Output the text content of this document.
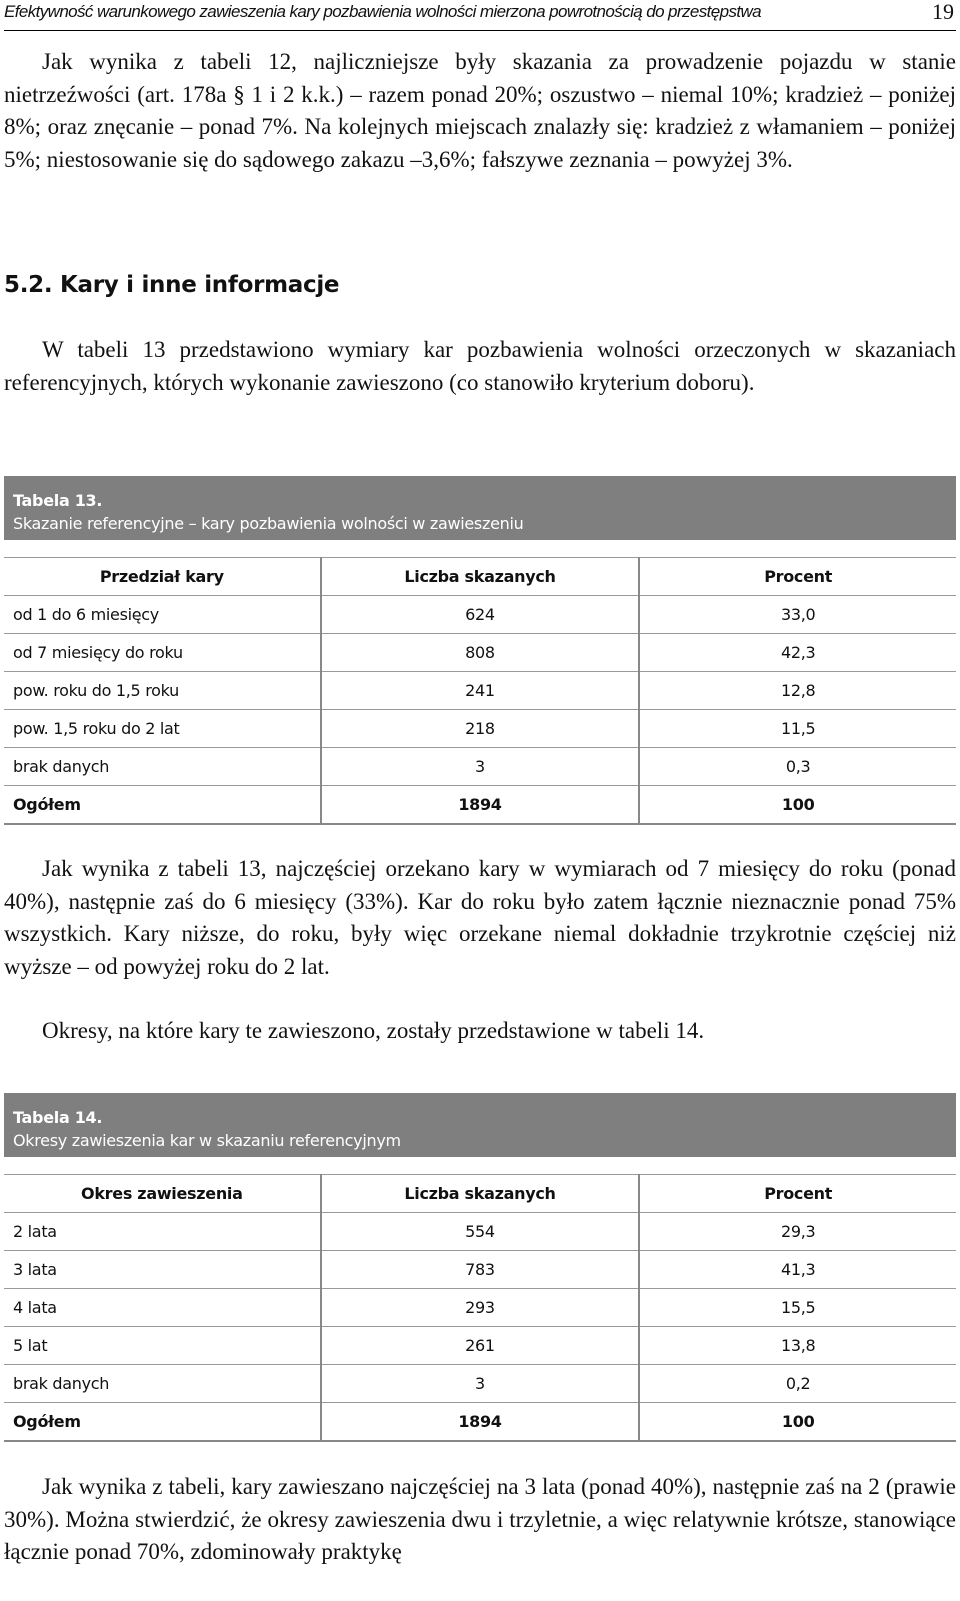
Efektywność warunkowego zawieszenia kary pozbawienia wolności mierzona powrotnością do przestępstwa	19

Jak wynika z tabeli 12, najliczniejsze były skazania za prowadzenie pojazdu w stanie nietrzeźwości (art. 178a § 1 i 2 k.k.) – razem ponad 20%; oszustwo – niemal 10%; kradzież – poniżej 8%; oraz znęcanie – ponad 7%. Na kolejnych miejscach znalazły się: kradzież z włamaniem – poniżej 5%; niestosowanie się do sądowego zakazu –3,6%; fałszywe zeznania – powyżej 3%.

5.2. Kary i inne informacje

W tabeli 13 przedstawiono wymiary kar pozbawienia wolności orzeczonych w skazaniach referencyjnych, których wykonanie zawieszono (co stanowiło kryterium doboru).

Tabela 13.
Skazanie referencyjne – kary pozbawienia wolności w zawieszeniu
Przedział kary	Liczba skazanych	Procent
od 1 do 6 miesięcy	624	33,0
od 7 miesięcy do roku	808	42,3
pow. roku do 1,5 roku	241	12,8
pow. 1,5 roku do 2 lat	218	11,5
brak danych	3	0,3
Ogółem	1894	100

Jak wynika z tabeli 13, najczęściej orzekano kary w wymiarach od 7 miesięcy do roku (ponad 40%), następnie zaś do 6 miesięcy (33%). Kar do roku było zatem łącznie nieznacznie ponad 75% wszystkich. Kary niższe, do roku, były więc orzekane niemal dokładnie trzykrotnie częściej niż wyższe – od powyżej roku do 2 lat.

Okresy, na które kary te zawieszono, zostały przedstawione w tabeli 14.

Tabela 14.
Okresy zawieszenia kar w skazaniu referencyjnym
Okres zawieszenia	Liczba skazanych	Procent
2 lata	554	29,3
3 lata	783	41,3
4 lata	293	15,5
5 lat	261	13,8
brak danych	3	0,2
Ogółem	1894	100

Jak wynika z tabeli, kary zawieszano najczęściej na 3 lata (ponad 40%), następnie zaś na 2 (prawie 30%). Można stwierdzić, że okresy zawieszenia dwu i trzyletnie, a więc relatywnie krótsze, stanowiące łącznie ponad 70%, zdominowały praktykę
